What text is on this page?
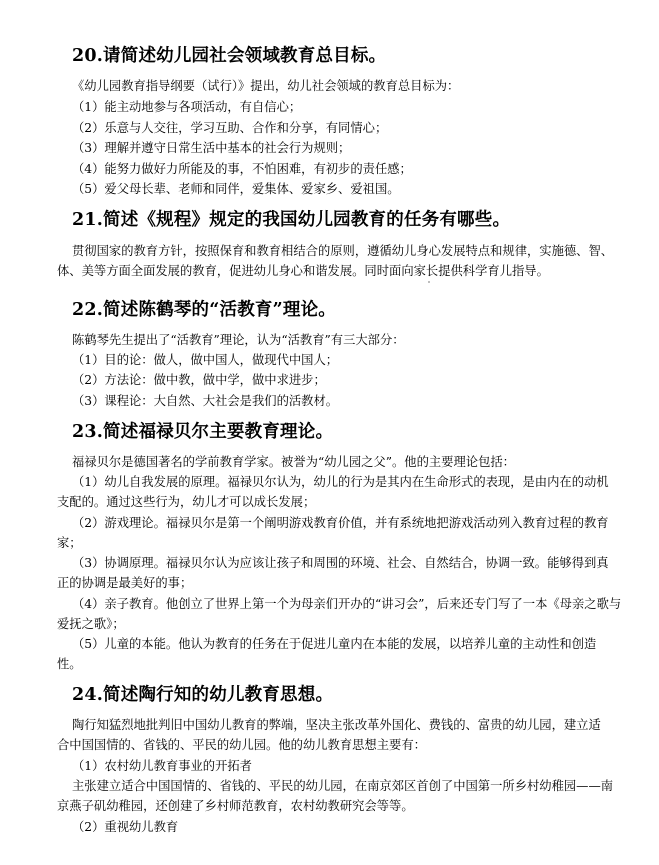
20.请简述幼儿园社会领域教育总目标。
《幼儿园教育指导纲要（试行）》提出，幼儿社会领域的教育总目标为：
（1）能主动地参与各项活动，有自信心；
（2）乐意与人交往，学习互助、合作和分享，有同情心；
（3）理解并遵守日常生活中基本的社会行为规则；
（4）能努力做好力所能及的事，不怕困难，有初步的责任感；
（5）爱父母长辈、老师和同伴，爱集体、爱家乡、爱祖国。
21.简述《规程》规定的我国幼儿园教育的任务有哪些。
贯彻国家的教育方针，按照保育和教育相结合的原则，遵循幼儿身心发展特点和规律，实施德、智、
体、美等方面全面发展的教育，促进幼儿身心和谐发展。同时面向家长提供科学育儿指导。
22.简述陈鹤琴的“活教育”理论。
陈鹤琴先生提出了“活教育”理论，认为“活教育”有三大部分：
（1）目的论：做人，做中国人，做现代中国人；
（2）方法论：做中教，做中学，做中求进步；
（3）课程论：大自然、大社会是我们的活教材。
23.简述福禄贝尔主要教育理论。
福禄贝尔是德国著名的学前教育学家。被誉为“幼儿园之父”。他的主要理论包括：
（1）幼儿自我发展的原理。福禄贝尔认为，幼儿的行为是其内在生命形式的表现，是由内在的动机
支配的。通过这些行为，幼儿才可以成长发展；
（2）游戏理论。福禄贝尔是第一个阐明游戏教育价值，并有系统地把游戏活动列入教育过程的教育
家；
（3）协调原理。福禄贝尔认为应该让孩子和周围的环境、社会、自然结合，协调一致。能够得到真
正的协调是最美好的事；
（4）亲子教育。他创立了世界上第一个为母亲们开办的“讲习会”，后来还专门写了一本《母亲之歌与
爱抚之歌》；
（5）儿童的本能。他认为教育的任务在于促进儿童内在本能的发展，以培养儿童的主动性和创造
性。
24.简述陶行知的幼儿教育思想。
陶行知猛烈地批判旧中国幼儿教育的弊端，坚决主张改革外国化、费钱的、富贵的幼儿园，建立适
合中国国情的、省钱的、平民的幼儿园。他的幼儿教育思想主要有：
（1）农村幼儿教育事业的开拓者
主张建立适合中国国情的、省钱的、平民的幼儿园，在南京郊区首创了中国第一所乡村幼稚园——南
京燕子矶幼稚园，还创建了乡村师范教育，农村幼教研究会等等。
（2）重视幼儿教育
